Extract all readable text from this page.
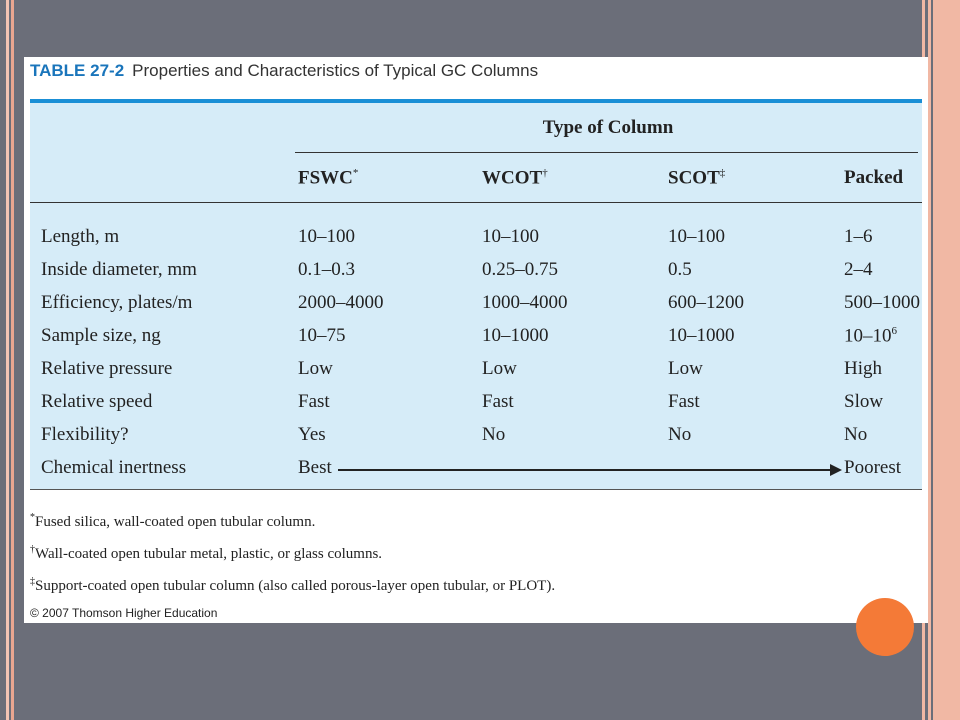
TABLE 27-2 Properties and Characteristics of Typical GC Columns
Type of Column
FSWC*	WCOT†	SCOT‡	Packed
Length, m	10–100	10–100	10–100	1–6
Inside diameter, mm	0.1–0.3	0.25–0.75	0.5	2–4
Efficiency, plates/m	2000–4000	1000–4000	600–1200	500–1000
Sample size, ng	10–75	10–1000	10–1000	$10-10^6$
Relative pressure	Low	Low	Low	High
Relative speed	Fast	Fast	Fast	Slow
Flexibility?	Yes	No	No	No
Chemical inertness	Best	Poorest
*Fused silica, wall-coated open tubular column.
†Wall-coated open tubular metal, plastic, or glass columns.
‡Support-coated open tubular column (also called porous-layer open tubular, or PLOT).
© 2007 Thomson Higher Education
